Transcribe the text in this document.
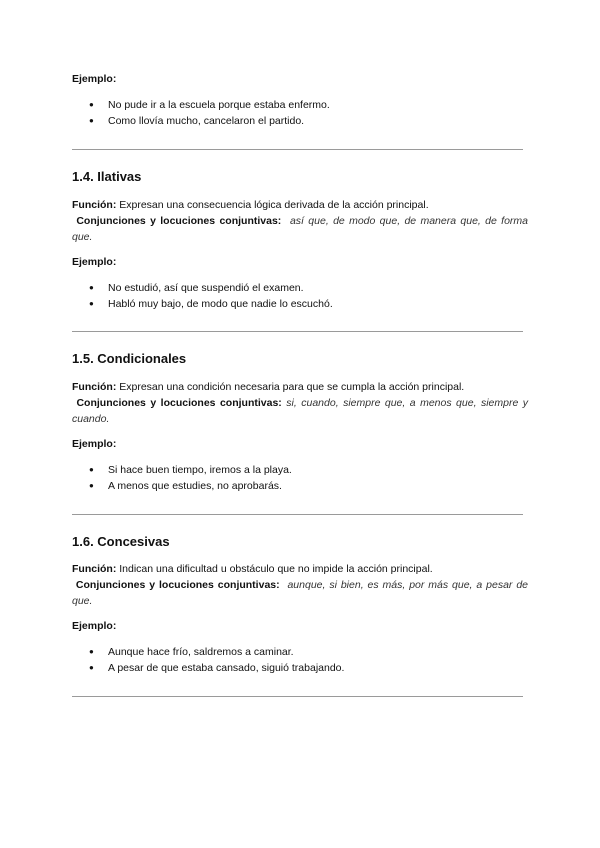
Ejemplo:

● No pude ir a la escuela porque estaba enfermo.
● Como llovía mucho, cancelaron el partido.
1.4. Ilativas

Función: Expresan una consecuencia lógica derivada de la acción principal.
Conjunciones y locuciones conjuntivas: así que, de modo que, de manera que, de forma que.

Ejemplo:

● No estudió, así que suspendió el examen.
● Habló muy bajo, de modo que nadie lo escuchó.
1.5. Condicionales

Función: Expresan una condición necesaria para que se cumpla la acción principal.
Conjunciones y locuciones conjuntivas: si, cuando, siempre que, a menos que, siempre y cuando.

Ejemplo:

● Si hace buen tiempo, iremos a la playa.
● A menos que estudies, no aprobarás.
1.6. Concesivas

Función: Indican una dificultad u obstáculo que no impide la acción principal.
Conjunciones y locuciones conjuntivas: aunque, si bien, es más, por más que, a pesar de que.

Ejemplo:

● Aunque hace frío, saldremos a caminar.
● A pesar de que estaba cansado, siguió trabajando.
